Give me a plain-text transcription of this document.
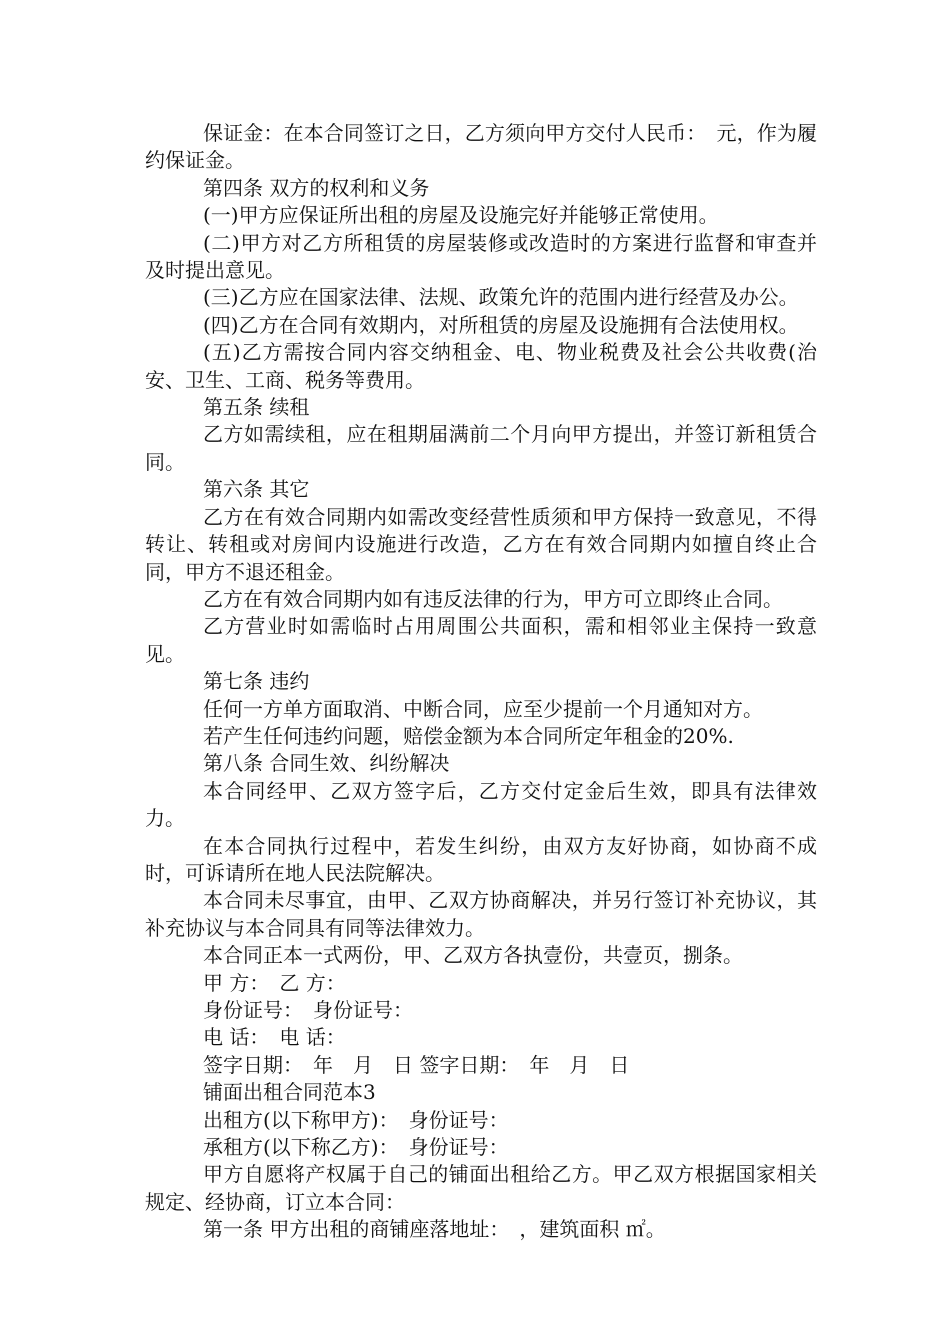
保证金：在本合同签订之日，乙方须向甲方交付人民币：　元，作为履约保证金。

第四条 双方的权利和义务

(一)甲方应保证所出租的房屋及设施完好并能够正常使用。

(二)甲方对乙方所租赁的房屋装修或改造时的方案进行监督和审查并及时提出意见。

(三)乙方应在国家法律、法规、政策允许的范围内进行经营及办公。

(四)乙方在合同有效期内，对所租赁的房屋及设施拥有合法使用权。

(五)乙方需按合同内容交纳租金、电、物业税费及社会公共收费(治安、卫生、工商、税务等费用。

第五条 续租

乙方如需续租，应在租期届满前二个月向甲方提出，并签订新租赁合同。

第六条 其它

乙方在有效合同期内如需改变经营性质须和甲方保持一致意见，不得转让、转租或对房间内设施进行改造，乙方在有效合同期内如擅自终止合同，甲方不退还租金。

乙方在有效合同期内如有违反法律的行为，甲方可立即终止合同。

乙方营业时如需临时占用周围公共面积，需和相邻业主保持一致意见。

第七条 违约

任何一方单方面取消、中断合同，应至少提前一个月通知对方。

若产生任何违约问题，赔偿金额为本合同所定年租金的20%.

第八条 合同生效、纠纷解决

本合同经甲、乙双方签字后，乙方交付定金后生效，即具有法律效力。

在本合同执行过程中，若发生纠纷，由双方友好协商，如协商不成时，可诉请所在地人民法院解决。

本合同未尽事宜，由甲、乙双方协商解决，并另行签订补充协议，其补充协议与本合同具有同等法律效力。

本合同正本一式两份，甲、乙双方各执壹份，共壹页，捌条。

甲 方：　乙 方：

身份证号：　身份证号：

电 话：　电 话：

签字日期：　年　月　日 签字日期：　年　月　日

铺面出租合同范本3

出租方(以下称甲方)：　身份证号：

承租方(以下称乙方)：　身份证号：

甲方自愿将产权属于自己的铺面出租给乙方。甲乙双方根据国家相关规定、经协商，订立本合同：

第一条 甲方出租的商铺座落地址：　，建筑面积 ㎡。
